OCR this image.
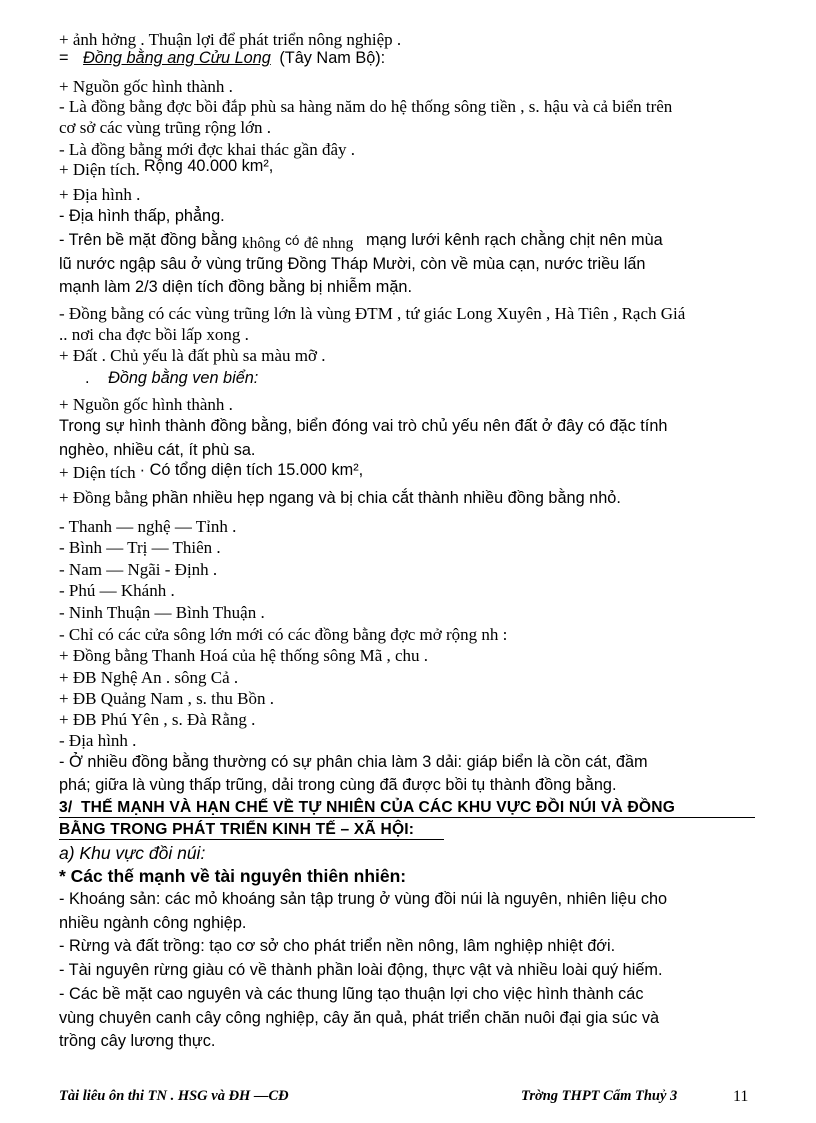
+ ảnh hởng . Thuận lợi để phát triển nông nghiệp .
= Đồng bằng ang Cửu Long (Tây Nam Bộ):
+ Nguồn gốc hình thành .
- Là đồng bằng đợc bồi đắp phù sa hàng năm do hệ thống sông tiền , s. hậu và cả biển trên
cơ sở các vùng trũng rộng lớn .
- Là đồng bằng mới đợc khai thác gần đây .
+ Diện tích. Rộng 40.000 km²,
+ Địa hình .
- Địa hình thấp, phẳng.
- Trên bề mặt đồng bằng không có đê nhng mạng lưới kênh rạch chằng chịt nên mùa
lũ nước ngập sâu ở vùng trũng Đồng Tháp Mười, còn về mùa cạn, nước triều lấn
mạnh làm 2/3 diện tích đồng bằng bị nhiễm mặn.
- Đồng bằng có các vùng trũng lớn là vùng ĐTM , tứ giác Long Xuyên , Hà Tiên , Rạch Giá
.. nơi cha đợc bồi lấp xong .
+ Đất . Chủ yếu là đất phù sa màu mỡ .
. Đồng bằng ven biển:
+ Nguồn gốc hình thành .
Trong sự hình thành đồng bằng, biển đóng vai trò chủ yếu nên đất ở đây có đặc tính
nghèo, nhiều cát, ít phù sa.
+ Diện tích · Có tổng diện tích 15.000 km²,
+ Đồng bằng phần nhiều hẹp ngang và bị chia cắt thành nhiều đồng bằng nhỏ.
- Thanh — nghệ — Tỉnh .
- Bình — Trị — Thiên .
- Nam — Ngãi - Định .
- Phú — Khánh .
- Ninh Thuận — Bình Thuận .
- Chỉ có các cửa sông lớn mới có các đồng bằng đợc mở rộng nh :
+ Đồng bằng Thanh Hoá của hệ thống sông Mã , chu .
+ ĐB Nghệ An . sông Cả .
+ ĐB Quảng Nam , s. thu Bồn .
+ ĐB Phú Yên , s. Đà Rằng .
- Địa hình .
- Ở nhiều đồng bằng thường có sự phân chia làm 3 dải: giáp biển là cồn cát, đầm
phá; giữa là vùng thấp trũng, dải trong cùng đã được bồi tụ thành đồng bằng.
3/ THẾ MẠNH VÀ HẠN CHẾ VỀ TỰ NHIÊN CỦA CÁC KHU VỰC ĐỒI NÚI VÀ ĐỒNG
BẰNG TRONG PHÁT TRIỂN KINH TẾ – XÃ HỘI:
a) Khu vực đồi núi:
* Các thế mạnh về tài nguyên thiên nhiên:
- Khoáng sản: các mỏ khoáng sản tập trung ở vùng đồi núi là nguyên, nhiên liệu cho
nhiều ngành công nghiệp.
- Rừng và đất trồng: tạo cơ sở cho phát triển nền nông, lâm nghiệp nhiệt đới.
- Tài nguyên rừng giàu có về thành phần loài động, thực vật và nhiều loài quý hiếm.
- Các bề mặt cao nguyên và các thung lũng tạo thuận lợi cho việc hình thành các
vùng chuyên canh cây công nghiệp, cây ăn quả, phát triển chăn nuôi đại gia súc và
trồng cây lương thực.
Tài liêu ôn thi TN . HSG và ĐH —CĐ	Trờng THPT Cẩm Thuỷ 3	11
